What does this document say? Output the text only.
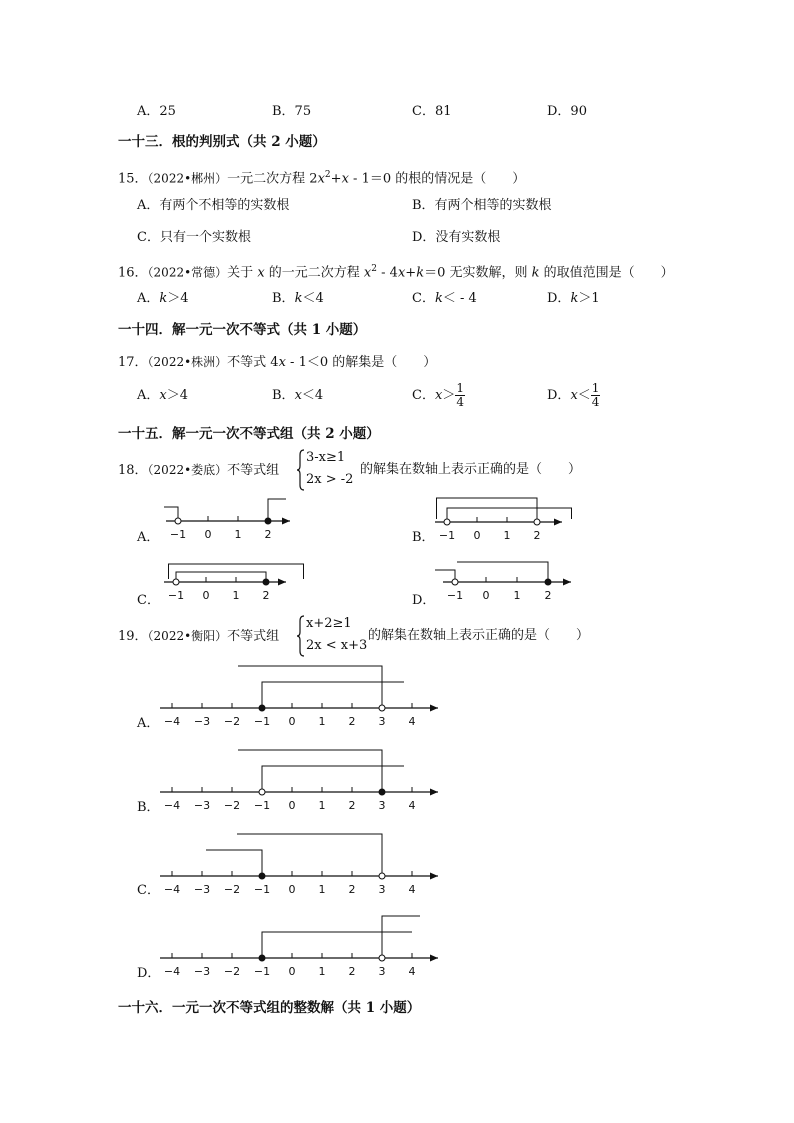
A．25	B．75	C．81	D．90
一十三．根的判别式（共 2 小题）
15．（2022•郴州）一元二次方程 $2x^2+x - 1=0$ 的根的情况是（　　）
A．有两个不相等的实数根	B．有两个相等的实数根
C．只有一个实数根	D．没有实数根
16．（2022•常德）关于 x 的一元二次方程 $x^2 - 4x+k=0$ 无实数解，则 k 的取值范围是（　　）
A．k＞4	B．k＜4	C．k＜ - 4	D．k＞1
一十四．解一元一次不等式（共 1 小题）
17．（2022•株洲）不等式 4x - 1＜0 的解集是（　　）
A．x＞4	B．x＜4	C．$x> \frac{1}{4}$	D．$x< \frac{1}{4}$
一十五．解一元一次不等式组（共 2 小题）
18．（2022•娄底）不等式组
3-x≥1
2x > -2
的解集在数轴上表示正确的是（　　）
A．	B．
C．	D．
−1 0 1 2	−1 0 1 2
−1 0 1 2	−1 0 1 2
19．（2022•衡阳）不等式组
x+2≥1
2x < x+3
的解集在数轴上表示正确的是（　　）
A．
B．
C．
D．
−4 −3 −2 −1 0 1 2 3 4
−4 −3 −2 −1 0 1 2 3 4
−4 −3 −2 −1 0 1 2 3 4
−4 −3 −2 −1 0 1 2 3 4
一十六．一元一次不等式组的整数解（共 1 小题）
